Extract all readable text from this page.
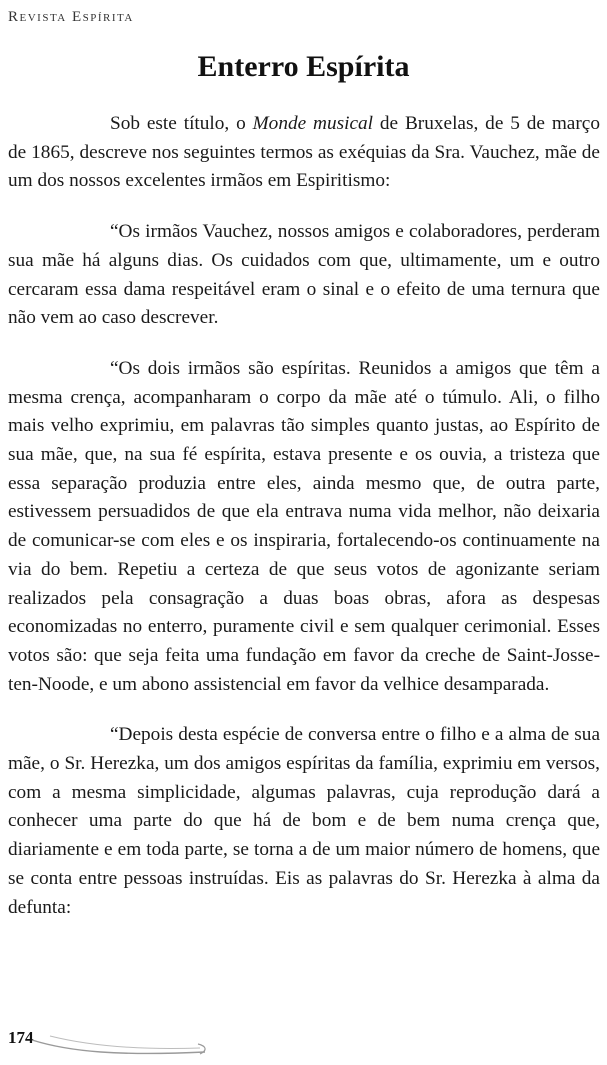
Revista Espírita
Enterro Espírita

Sob este título, o Monde musical de Bruxelas, de 5 de março de 1865, descreve nos seguintes termos as exéquias da Sra. Vauchez, mãe de um dos nossos excelentes irmãos em Espiritismo:

“Os irmãos Vauchez, nossos amigos e colaboradores, perderam sua mãe há alguns dias. Os cuidados com que, ultimamente, um e outro cercaram essa dama respeitável eram o sinal e o efeito de uma ternura que não vem ao caso descrever.

“Os dois irmãos são espíritas. Reunidos a amigos que têm a mesma crença, acompanharam o corpo da mãe até o túmulo. Ali, o filho mais velho exprimiu, em palavras tão simples quanto justas, ao Espírito de sua mãe, que, na sua fé espírita, estava presente e os ouvia, a tristeza que essa separação produzia entre eles, ainda mesmo que, de outra parte, estivessem persuadidos de que ela entrava numa vida melhor, não deixaria de comunicar-se com eles e os inspiraria, fortalecendo-os continuamente na via do bem. Repetiu a certeza de que seus votos de agonizante seriam realizados pela consagração a duas boas obras, afora as despesas economizadas no enterro, puramente civil e sem qualquer cerimonial. Esses votos são: que seja feita uma fundação em favor da creche de Saint-Josse-ten-Noode, e um abono assistencial em favor da velhice desamparada.

“Depois desta espécie de conversa entre o filho e a alma de sua mãe, o Sr. Herezka, um dos amigos espíritas da família, exprimiu em versos, com a mesma simplicidade, algumas palavras, cuja reprodução dará a conhecer uma parte do que há de bom e de bem numa crença que, diariamente e em toda parte, se torna a de um maior número de homens, que se conta entre pessoas instruídas. Eis as palavras do Sr. Herezka à alma da defunta:

174
